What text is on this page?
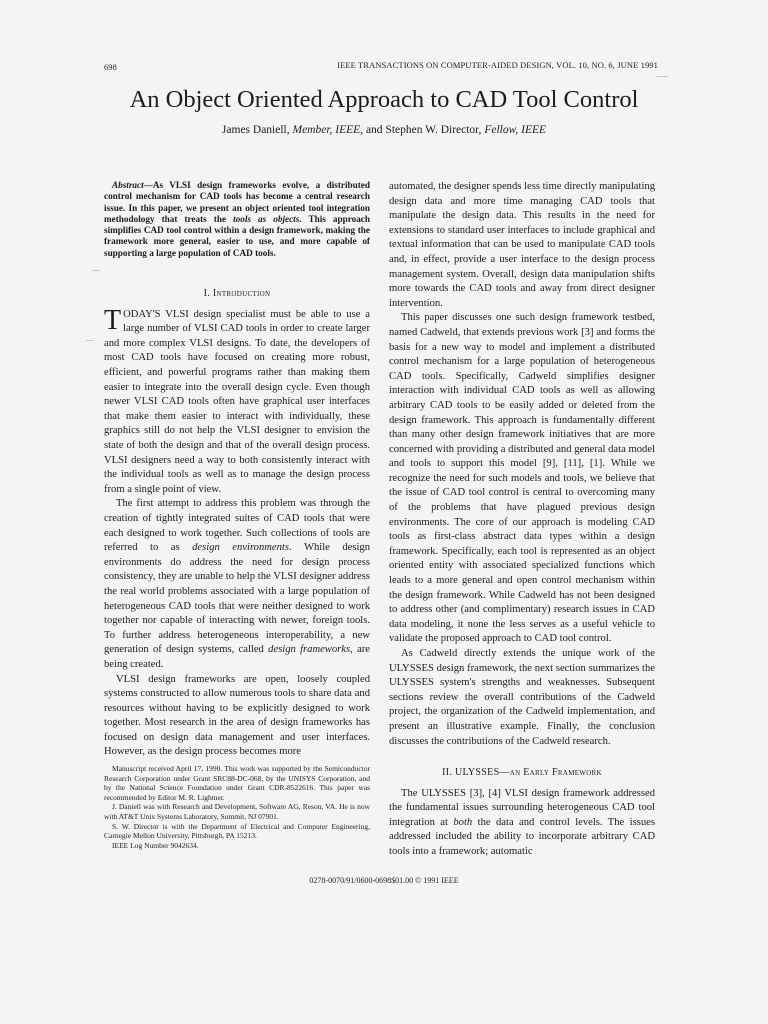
698	IEEE TRANSACTIONS ON COMPUTER-AIDED DESIGN, VOL. 10, NO. 6, JUNE 1991
An Object Oriented Approach to CAD Tool Control
James Daniell, Member, IEEE, and Stephen W. Director, Fellow, IEEE

Abstract—As VLSI design frameworks evolve, a distributed control mechanism for CAD tools has become a central research issue. In this paper, we present an object oriented tool integration methodology that treats the tools as objects. This approach simplifies CAD tool control within a design framework, making the framework more general, easier to use, and more capable of supporting a large population of CAD tools.

I. Introduction

TODAY'S VLSI design specialist must be able to use a large number of VLSI CAD tools in order to create larger and more complex VLSI designs. To date, the developers of most CAD tools have focused on creating more robust, efficient, and powerful programs rather than making them easier to integrate into the overall design cycle. Even though newer VLSI CAD tools often have graphical user interfaces that make them easier to interact with individually, these graphics still do not help the VLSI designer to envision the state of both the design and that of the overall design process. VLSI designers need a way to both consistently interact with the individual tools as well as to manage the design process from a single point of view.

The first attempt to address this problem was through the creation of tightly integrated suites of CAD tools that were each designed to work together. Such collections of tools are referred to as design environments. While design environments do address the need for design process consistency, they are unable to help the VLSI designer address the real world problems associated with a large population of heterogeneous CAD tools that were neither designed to work together nor capable of interacting with newer, foreign tools. To further address heterogeneous interoperability, a new generation of design systems, called design frameworks, are being created.

VLSI design frameworks are open, loosely coupled systems constructed to allow numerous tools to share data and resources without having to be explicitly designed to work together. Most research in the area of design frameworks has focused on design data management and user interfaces. However, as the design process becomes more

automated, the designer spends less time directly manipulating design data and more time managing CAD tools that manipulate the design data. This results in the need for extensions to standard user interfaces to include graphical and textual information that can be used to manipulate CAD tools and, in effect, provide a user interface to the design process management system. Overall, design data manipulation shifts more towards the CAD tools and away from direct designer intervention.

This paper discusses one such design framework testbed, named Cadweld, that extends previous work [3] and forms the basis for a new way to model and implement a distributed control mechanism for a large population of heterogeneous CAD tools. Specifically, Cadweld simplifies designer interaction with individual CAD tools as well as allowing arbitrary CAD tools to be easily added or deleted from the design framework. This approach is fundamentally different than many other design framework initiatives that are more concerned with providing a distributed and general data model and tools to support this model [9], [11], [1]. While we recognize the need for such models and tools, we believe that the issue of CAD tool control is central to overcoming many of the problems that have plagued previous design environments. The core of our approach is modeling CAD tools as first-class abstract data types within a design framework. Specifically, each tool is represented as an object oriented entity with associated specialized functions which leads to a more general and open control mechanism within the design framework. While Cadweld has not been designed to address other (and complimentary) research issues in CAD data modeling, it none the less serves as a useful vehicle to validate the proposed approach to CAD tool control.

As Cadweld directly extends the unique work of the ULYSSES design framework, the next section summarizes the ULYSSES system's strengths and weaknesses. Subsequent sections review the overall contributions of the Cadweld project, the organization of the Cadweld implementation, and present an illustrative example. Finally, the conclusion discusses the contributions of the Cadweld research.

Manuscript received April 17, 1990. This work was supported by the Semiconductor Research Corporation under Grant SRC88-DC-068, by the UNISYS Corporation, and by the National Science Foundation under Grant CDR-8522616. This paper was recommended by Editor M. R. Lightner.

J. Daniell was with Research and Development, Software AG, Reson, VA. He is now with AT&T Unix Systems Laboratory, Summit, NJ 07901.

S. W. Director is with the Department of Electrical and Computer Engineering, Carnegie Mellon University, Pittsburgh, PA 15213.

IEEE Log Number 9042634.

II. ULYSSES—an Early Framework

The ULYSSES [3], [4] VLSI design framework addressed the fundamental issues surrounding heterogeneous CAD tool integration at both the data and control levels. The issues addressed included the ability to incorporate arbitrary CAD tools into a framework; automatic

0278-0070/91/0600-0698$01.00 © 1991 IEEE
